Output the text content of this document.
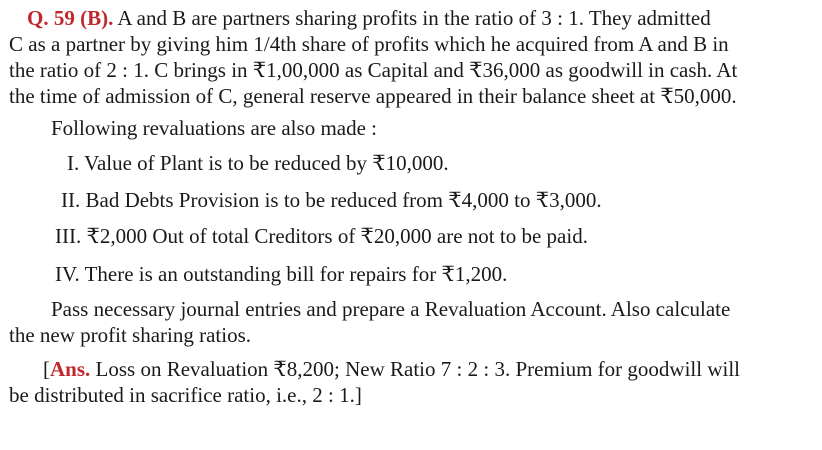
Q. 59 (B). A and B are partners sharing profits in the ratio of 3 : 1. They admitted
C as a partner by giving him 1/4th share of profits which he acquired from A and B in
the ratio of 2 : 1. C brings in ₹1,00,000 as Capital and ₹36,000 as goodwill in cash. At
the time of admission of C, general reserve appeared in their balance sheet at ₹50,000.
Following revaluations are also made :
I. Value of Plant is to be reduced by ₹10,000.
II. Bad Debts Provision is to be reduced from ₹4,000 to ₹3,000.
III. ₹2,000 Out of total Creditors of ₹20,000 are not to be paid.
IV. There is an outstanding bill for repairs for ₹1,200.
Pass necessary journal entries and prepare a Revaluation Account. Also calculate
the new profit sharing ratios.
[Ans. Loss on Revaluation ₹8,200; New Ratio 7 : 2 : 3. Premium for goodwill will
be distributed in sacrifice ratio, i.e., 2 : 1.]
